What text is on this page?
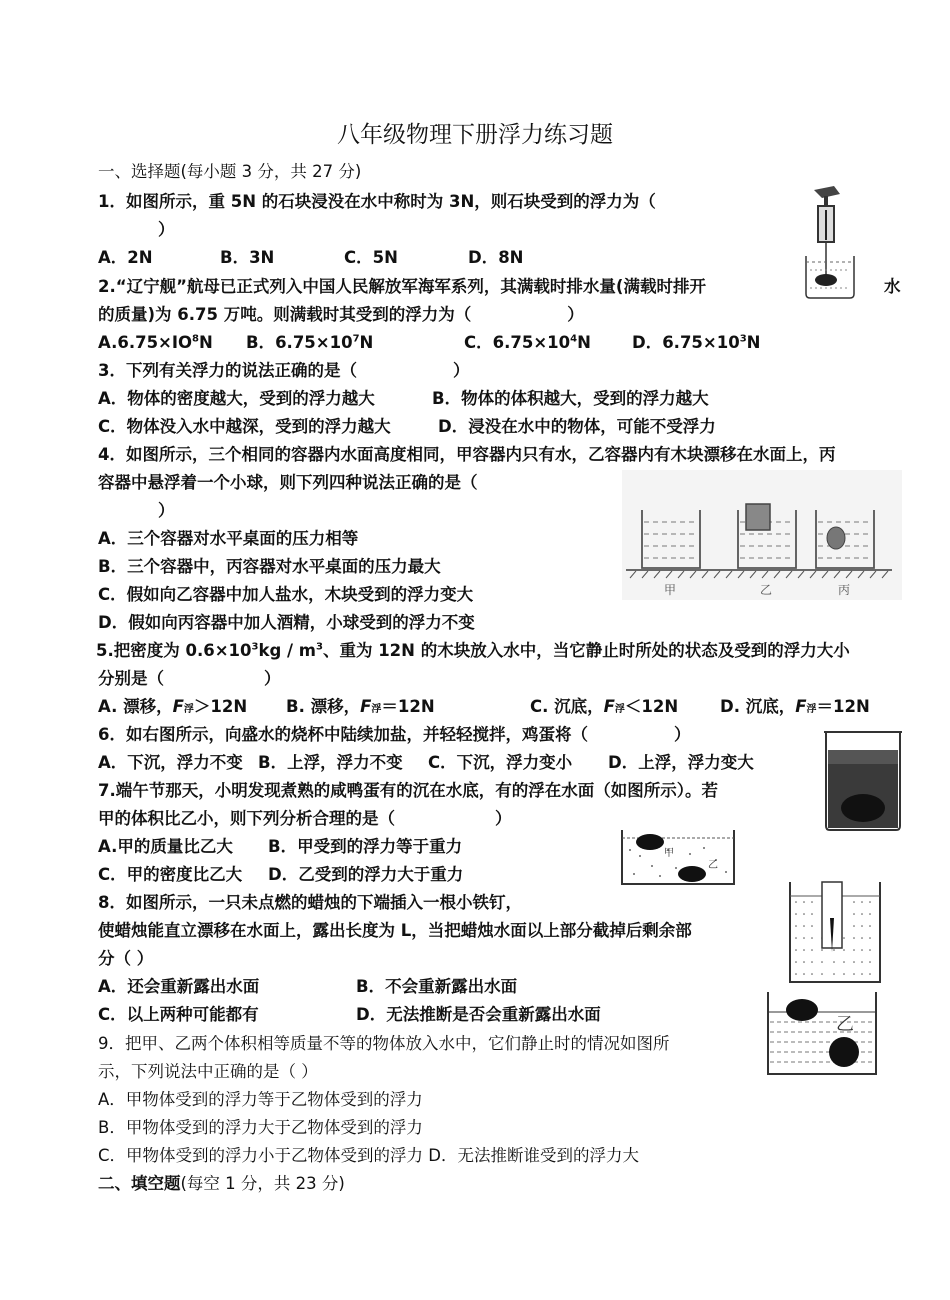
八年级物理下册浮力练习题
一、选择题(每小题 3 分，共 27 分)
1．如图所示，重 5N 的石块浸没在水中称时为 3N，则石块受到的浮力为（
）
A．2N	B．3N	C．5N	D．8N
2.“辽宁舰”航母已正式列入中国人民解放军海军系列，其满载时排水量(满载时排开	水
的质量)为 6.75 万吨。则满载时其受到的浮力为（	）
$A.6.75\times IO^8N$ B．$6.75\times 10^7N$	C．$6.75\times 10^4N$ D．$6.75\times 10^3N$
3．下列有关浮力的说法正确的是（	）
A．物体的密度越大，受到的浮力越大	B．物体的体积越大，受到的浮力越大
C．物体没入水中越深，受到的浮力越大	D．浸没在水中的物体，可能不受浮力
4．如图所示，三个相同的容器内水面高度相同，甲容器内只有水，乙容器内有木块漂移在水面上，丙
容器中悬浮着一个小球，则下列四种说法正确的是（
）
A．三个容器对水平桌面的压力相等
B．三个容器中，丙容器对水平桌面的压力最大
C．假如向乙容器中加人盐水，木块受到的浮力变大
D．假如向丙容器中加人酒精，小球受到的浮力不变
5.把密度为 $0.6\times 10^3kg / m^3$、重为 12N 的木块放入水中，当它静止时所处的状态及受到的浮力大小
分别是（	）
A. 漂移，F浮＞12N B. 漂移，F浮＝12N	C. 沉底，F浮＜12N	D. 沉底，F浮＝12N
6．如右图所示，向盛水的烧杯中陆续加盐，并轻轻搅拌，鸡蛋将（	）
A．下沉，浮力不变 B．上浮，浮力不变 C．下沉，浮力变小 D．上浮，浮力变大
7.端午节那天，小明发现煮熟的咸鸭蛋有的沉在水底，有的浮在水面（如图所示）。若
甲的体积比乙小，则下列分析合理的是（	）
A.甲的质量比乙大 B．甲受到的浮力等于重力
C．甲的密度比乙大 D．乙受到的浮力大于重力
8．如图所示，一只未点燃的蜡烛的下端插入一根小铁钉，
使蜡烛能直立漂移在水面上，露出长度为 L，当把蜡烛水面以上部分截掉后剩余部
分（ ）
A．还会重新露出水面	B．不会重新露出水面
C．以上两种可能都有	D．无法推断是否会重新露出水面
9．把甲、乙两个体积相等质量不等的物体放入水中，它们静止时的情况如图所
示，下列说法中正确的是（ ）
A．甲物体受到的浮力等于乙物体受到的浮力
B．甲物体受到的浮力大于乙物体受到的浮力
C．甲物体受到的浮力小于乙物体受到的浮力 D．无法推断谁受到的浮力大
二、填空题(每空 1 分，共 23 分)
甲	乙	丙
甲
乙
乙
